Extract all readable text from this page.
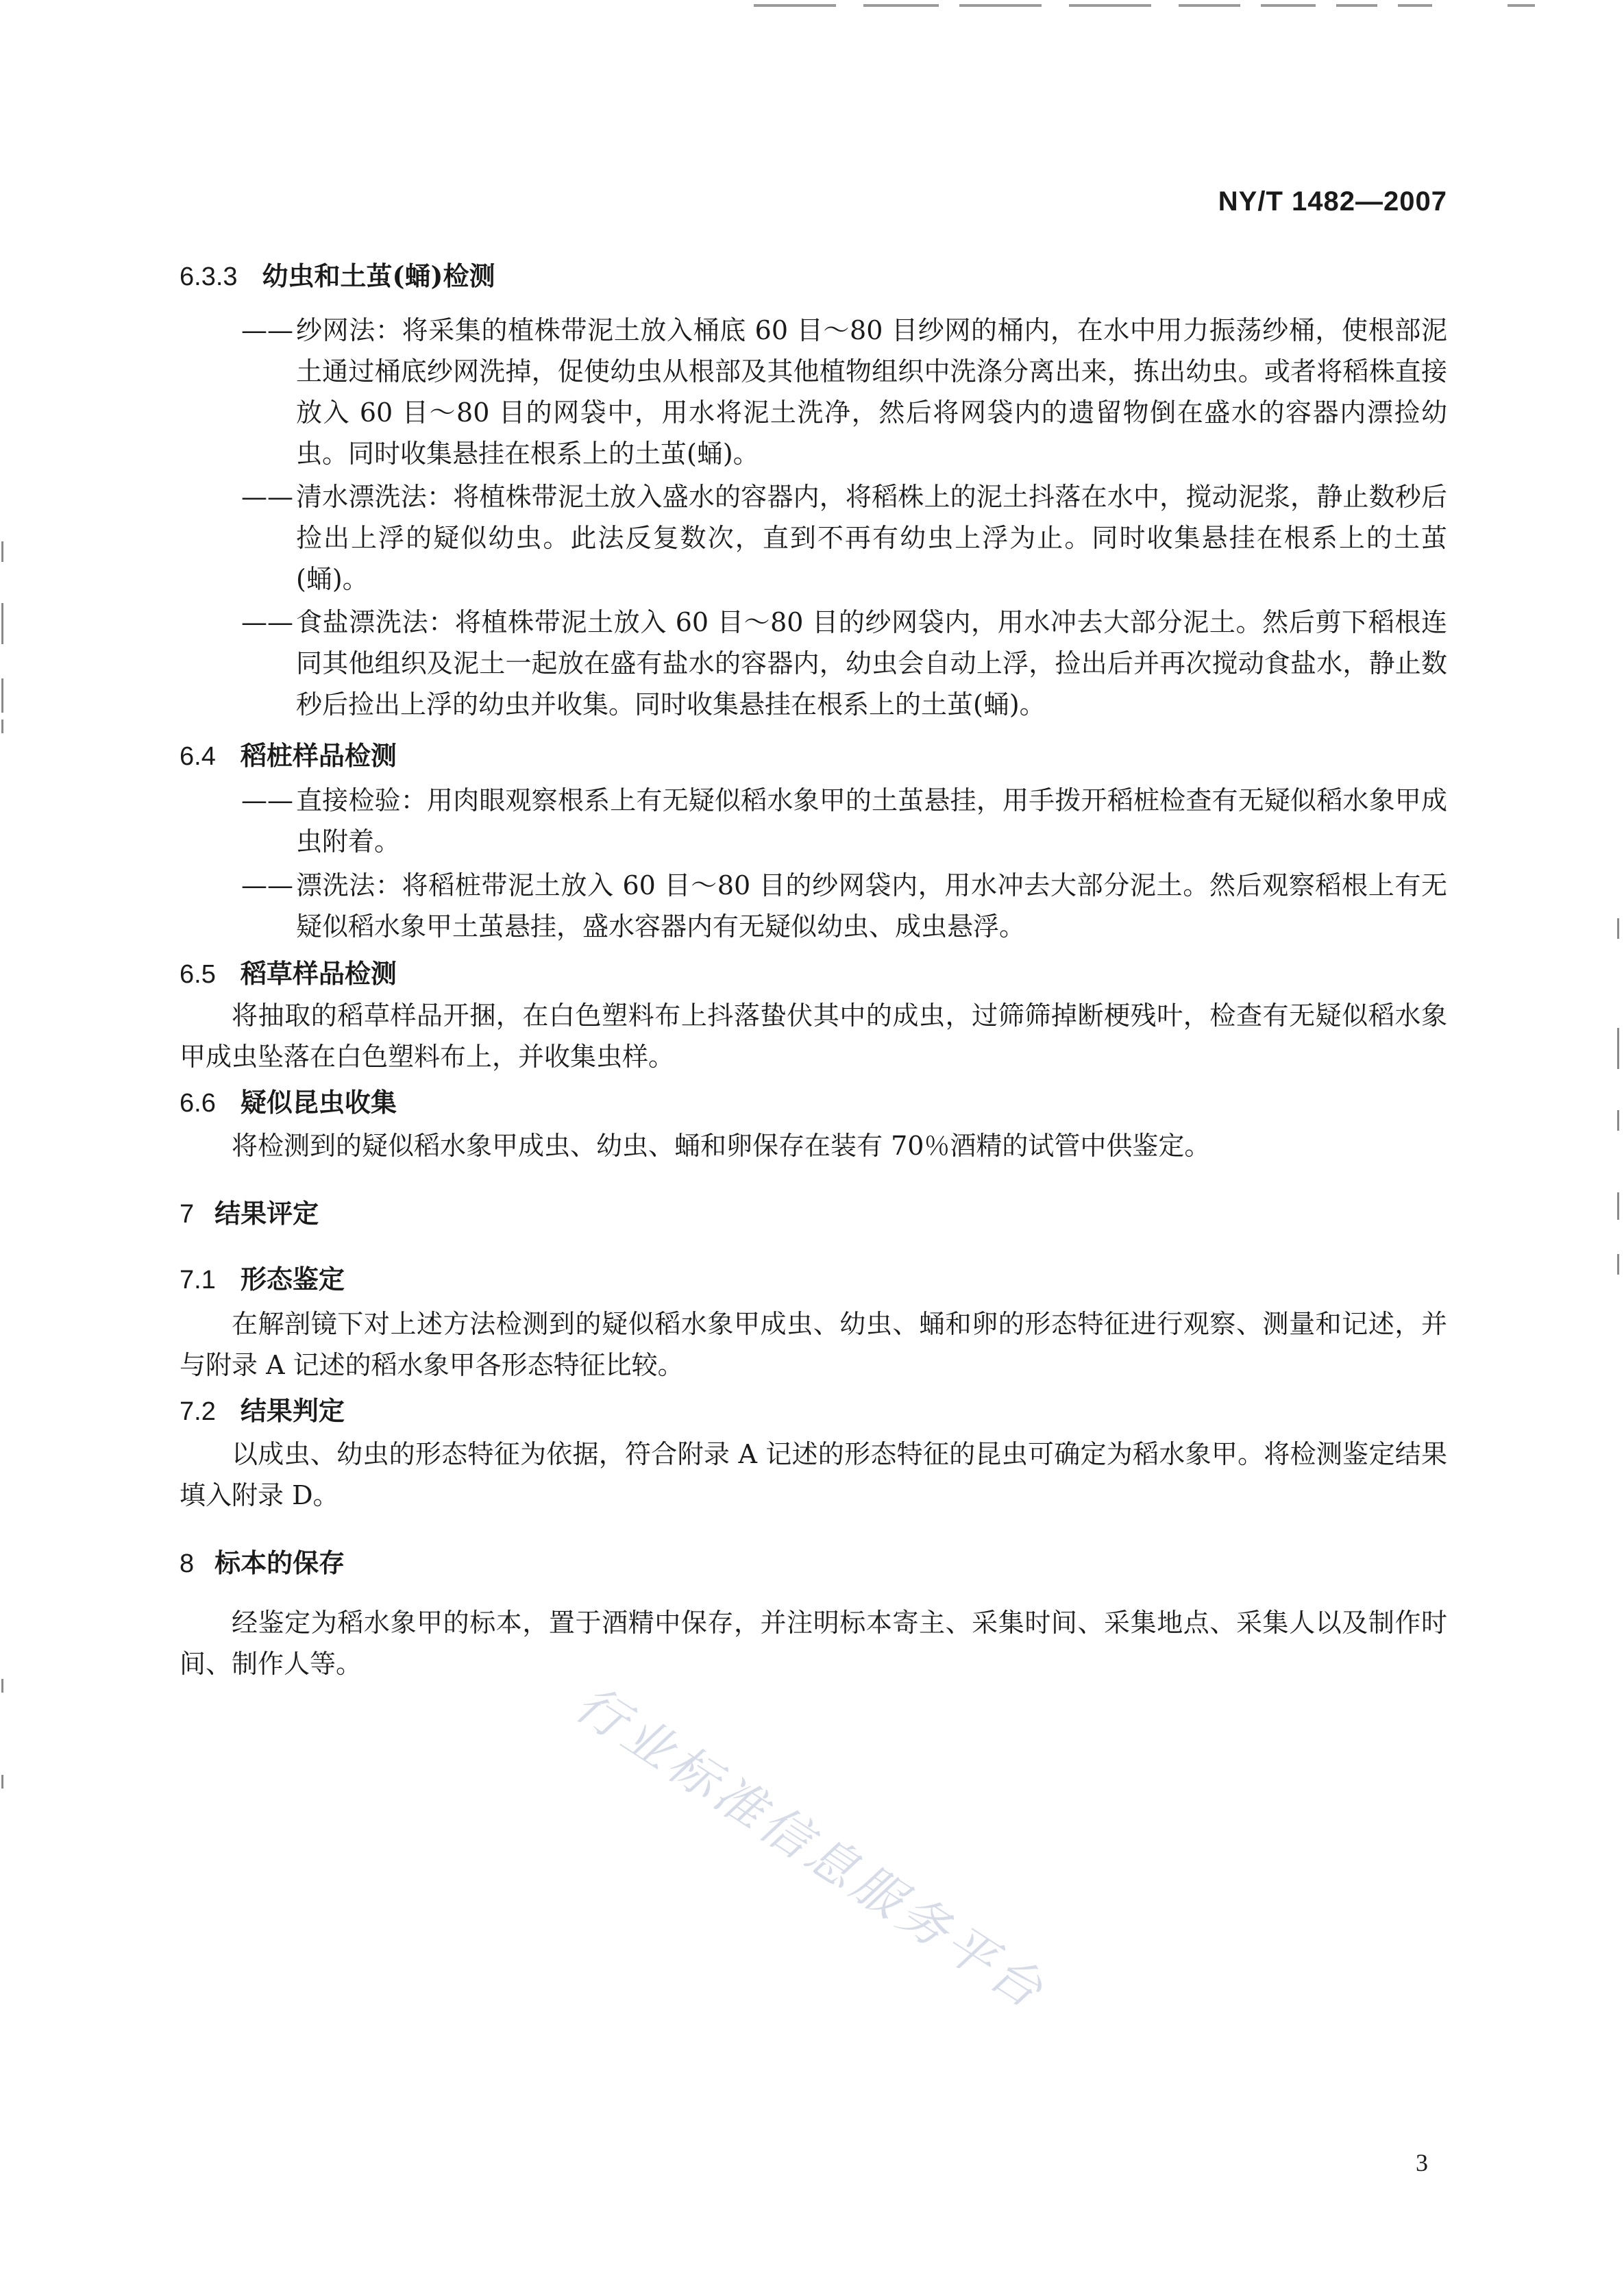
NY/T 1482—2007
6.3.3 幼虫和土茧(蛹)检测
—— 纱网法：将采集的植株带泥土放入桶底 60 目～80 目纱网的桶内，在水中用力振荡纱桶，使根部泥土通过桶底纱网洗掉，促使幼虫从根部及其他植物组织中洗涤分离出来，拣出幼虫。或者将稻株直接放入 60 目～80 目的网袋中，用水将泥土洗净，然后将网袋内的遗留物倒在盛水的容器内漂捡幼虫。同时收集悬挂在根系上的土茧(蛹)。
—— 清水漂洗法：将植株带泥土放入盛水的容器内，将稻株上的泥土抖落在水中，搅动泥浆，静止数秒后捡出上浮的疑似幼虫。此法反复数次，直到不再有幼虫上浮为止。同时收集悬挂在根系上的土茧(蛹)。
—— 食盐漂洗法：将植株带泥土放入 60 目～80 目的纱网袋内，用水冲去大部分泥土。然后剪下稻根连同其他组织及泥土一起放在盛有盐水的容器内，幼虫会自动上浮，捡出后并再次搅动食盐水，静止数秒后捡出上浮的幼虫并收集。同时收集悬挂在根系上的土茧(蛹)。
6.4 稻桩样品检测
—— 直接检验：用肉眼观察根系上有无疑似稻水象甲的土茧悬挂，用手拨开稻桩检查有无疑似稻水象甲成虫附着。
—— 漂洗法：将稻桩带泥土放入 60 目～80 目的纱网袋内，用水冲去大部分泥土。然后观察稻根上有无疑似稻水象甲土茧悬挂，盛水容器内有无疑似幼虫、成虫悬浮。
6.5 稻草样品检测
将抽取的稻草样品开捆，在白色塑料布上抖落蛰伏其中的成虫，过筛筛掉断梗残叶，检查有无疑似稻水象甲成虫坠落在白色塑料布上，并收集虫样。
6.6 疑似昆虫收集
将检测到的疑似稻水象甲成虫、幼虫、蛹和卵保存在装有 70％酒精的试管中供鉴定。
7 结果评定
7.1 形态鉴定
在解剖镜下对上述方法检测到的疑似稻水象甲成虫、幼虫、蛹和卵的形态特征进行观察、测量和记述，并与附录 A 记述的稻水象甲各形态特征比较。
7.2 结果判定
以成虫、幼虫的形态特征为依据，符合附录 A 记述的形态特征的昆虫可确定为稻水象甲。将检测鉴定结果填入附录 D。
8 标本的保存
经鉴定为稻水象甲的标本，置于酒精中保存，并注明标本寄主、采集时间、采集地点、采集人以及制作时间、制作人等。
行业标准信息服务平台
3
